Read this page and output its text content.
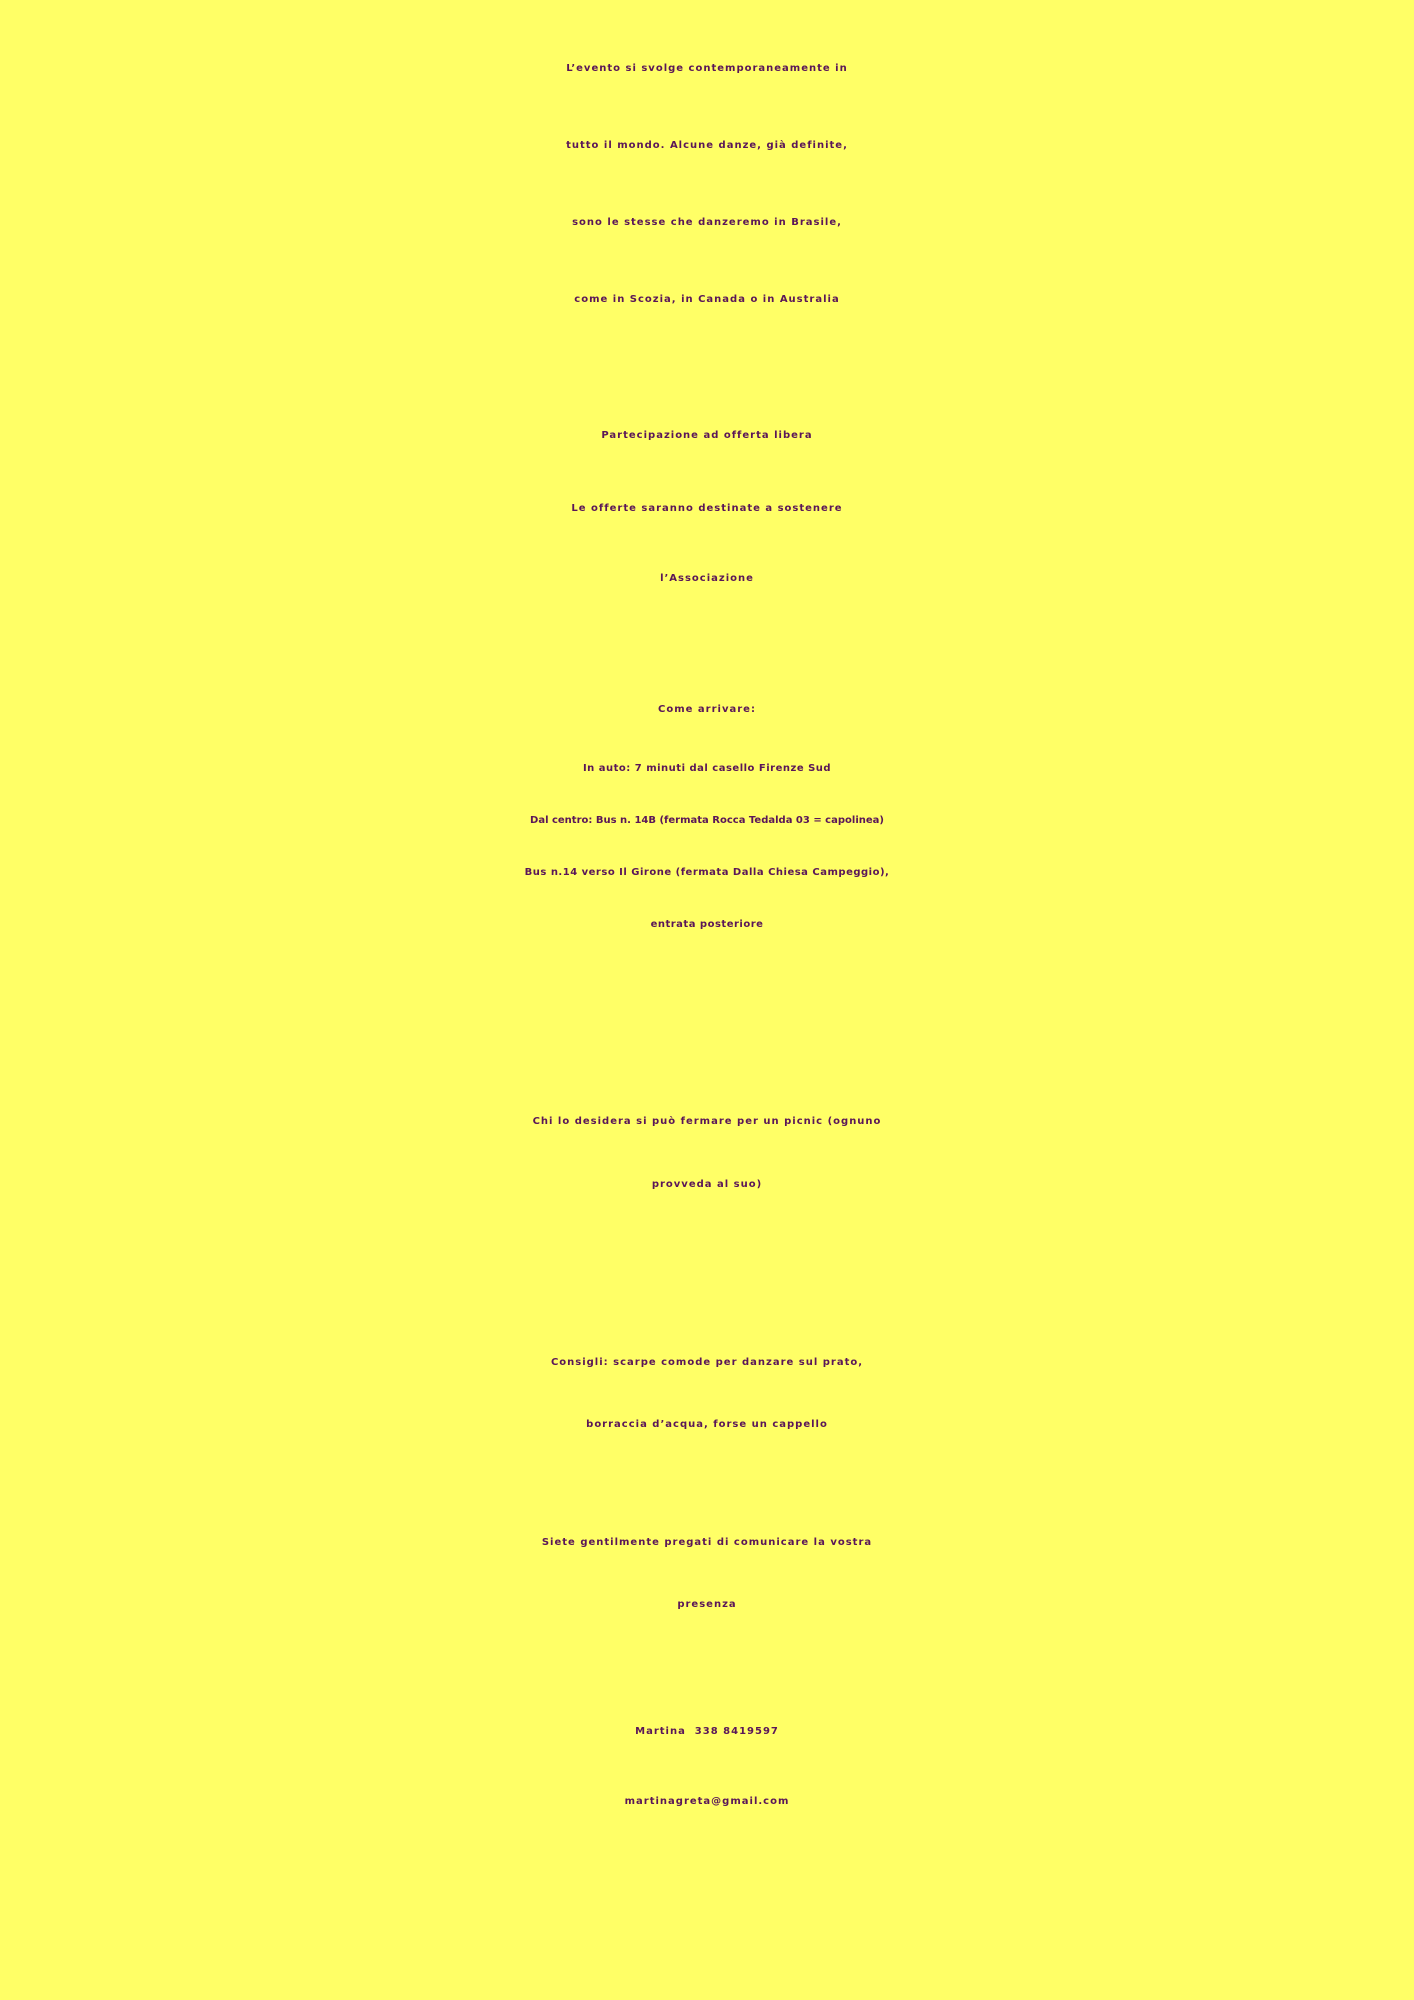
L’evento si svolge contemporaneamente in
tutto il mondo. Alcune danze, già definite,
sono le stesse che danzeremo in Brasile,
come in Scozia, in Canada o in Australia
Partecipazione ad offerta libera
Le offerte saranno destinate a sostenere
l’Associazione
Come arrivare:
In auto: 7 minuti dal casello Firenze Sud
Dal centro: Bus n. 14B (fermata Rocca Tedalda 03 = capolinea)
Bus n.14 verso Il Girone (fermata Dalla Chiesa Campeggio),
entrata posteriore
Chi lo desidera si può fermare per un picnic (ognuno
provveda al suo)
Consigli: scarpe comode per danzare sul prato,
borraccia d’acqua, forse un cappello
Siete gentilmente pregati di comunicare la vostra
presenza
Martina  338 8419597
martinagreta@gmail.com
